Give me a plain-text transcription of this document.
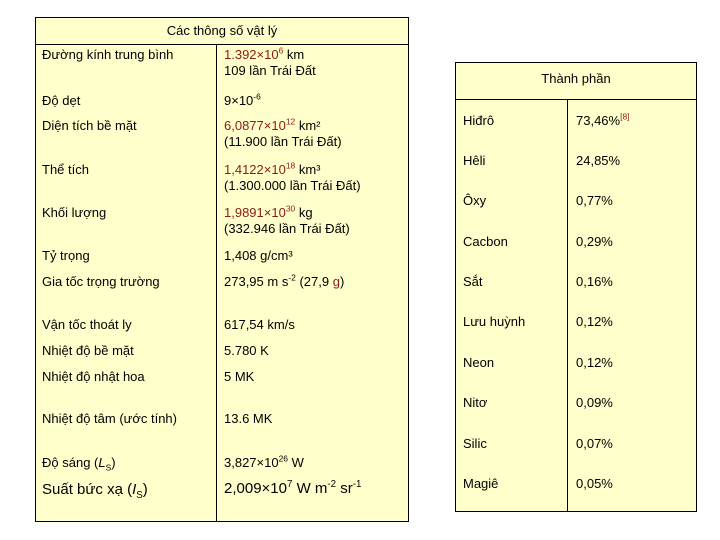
Các thông số vật lý
Đường kính trung bình	$1.392\times 10^6$ km
109 lần Trái Đất
Độ dẹt	$9\times 10^{-6}$
Diện tích bề mặt	$6,0877\times 10^{12}$ km²
(11.900 lần Trái Đất)
Thể tích	$1,4122\times 10^{18}$ km³
(1.300.000 lần Trái Đất)
Khối lượng	$1,9891\times 10^{30}$ kg
(332.946 lần Trái Đất)
Tỷ trọng	1,408 g/cm³
Gia tốc trọng trường	273,95 m $s^{-2}$ (27,9 g)
Vận tốc thoát ly	617,54 km/s
Nhiệt độ bề mặt	5.780 K
Nhiệt độ nhật hoa	5 MK
Nhiệt độ tâm (ước tính)	13.6 MK
Độ sáng $(L_S)$	$3,827\times 10^{26}$ W
Suất bức xạ $(I_S)$	$2,009\times 10^7$ W $m^{-2}$ $sr^{-1}$
Thành phần
Hiđrô	73,46%[8]
Hêli	24,85%
Ôxy	0,77%
Cacbon	0,29%
Sắt	0,16%
Lưu huỳnh	0,12%
Neon	0,12%
Nitơ	0,09%
Silic	0,07%
Magiê	0,05%
